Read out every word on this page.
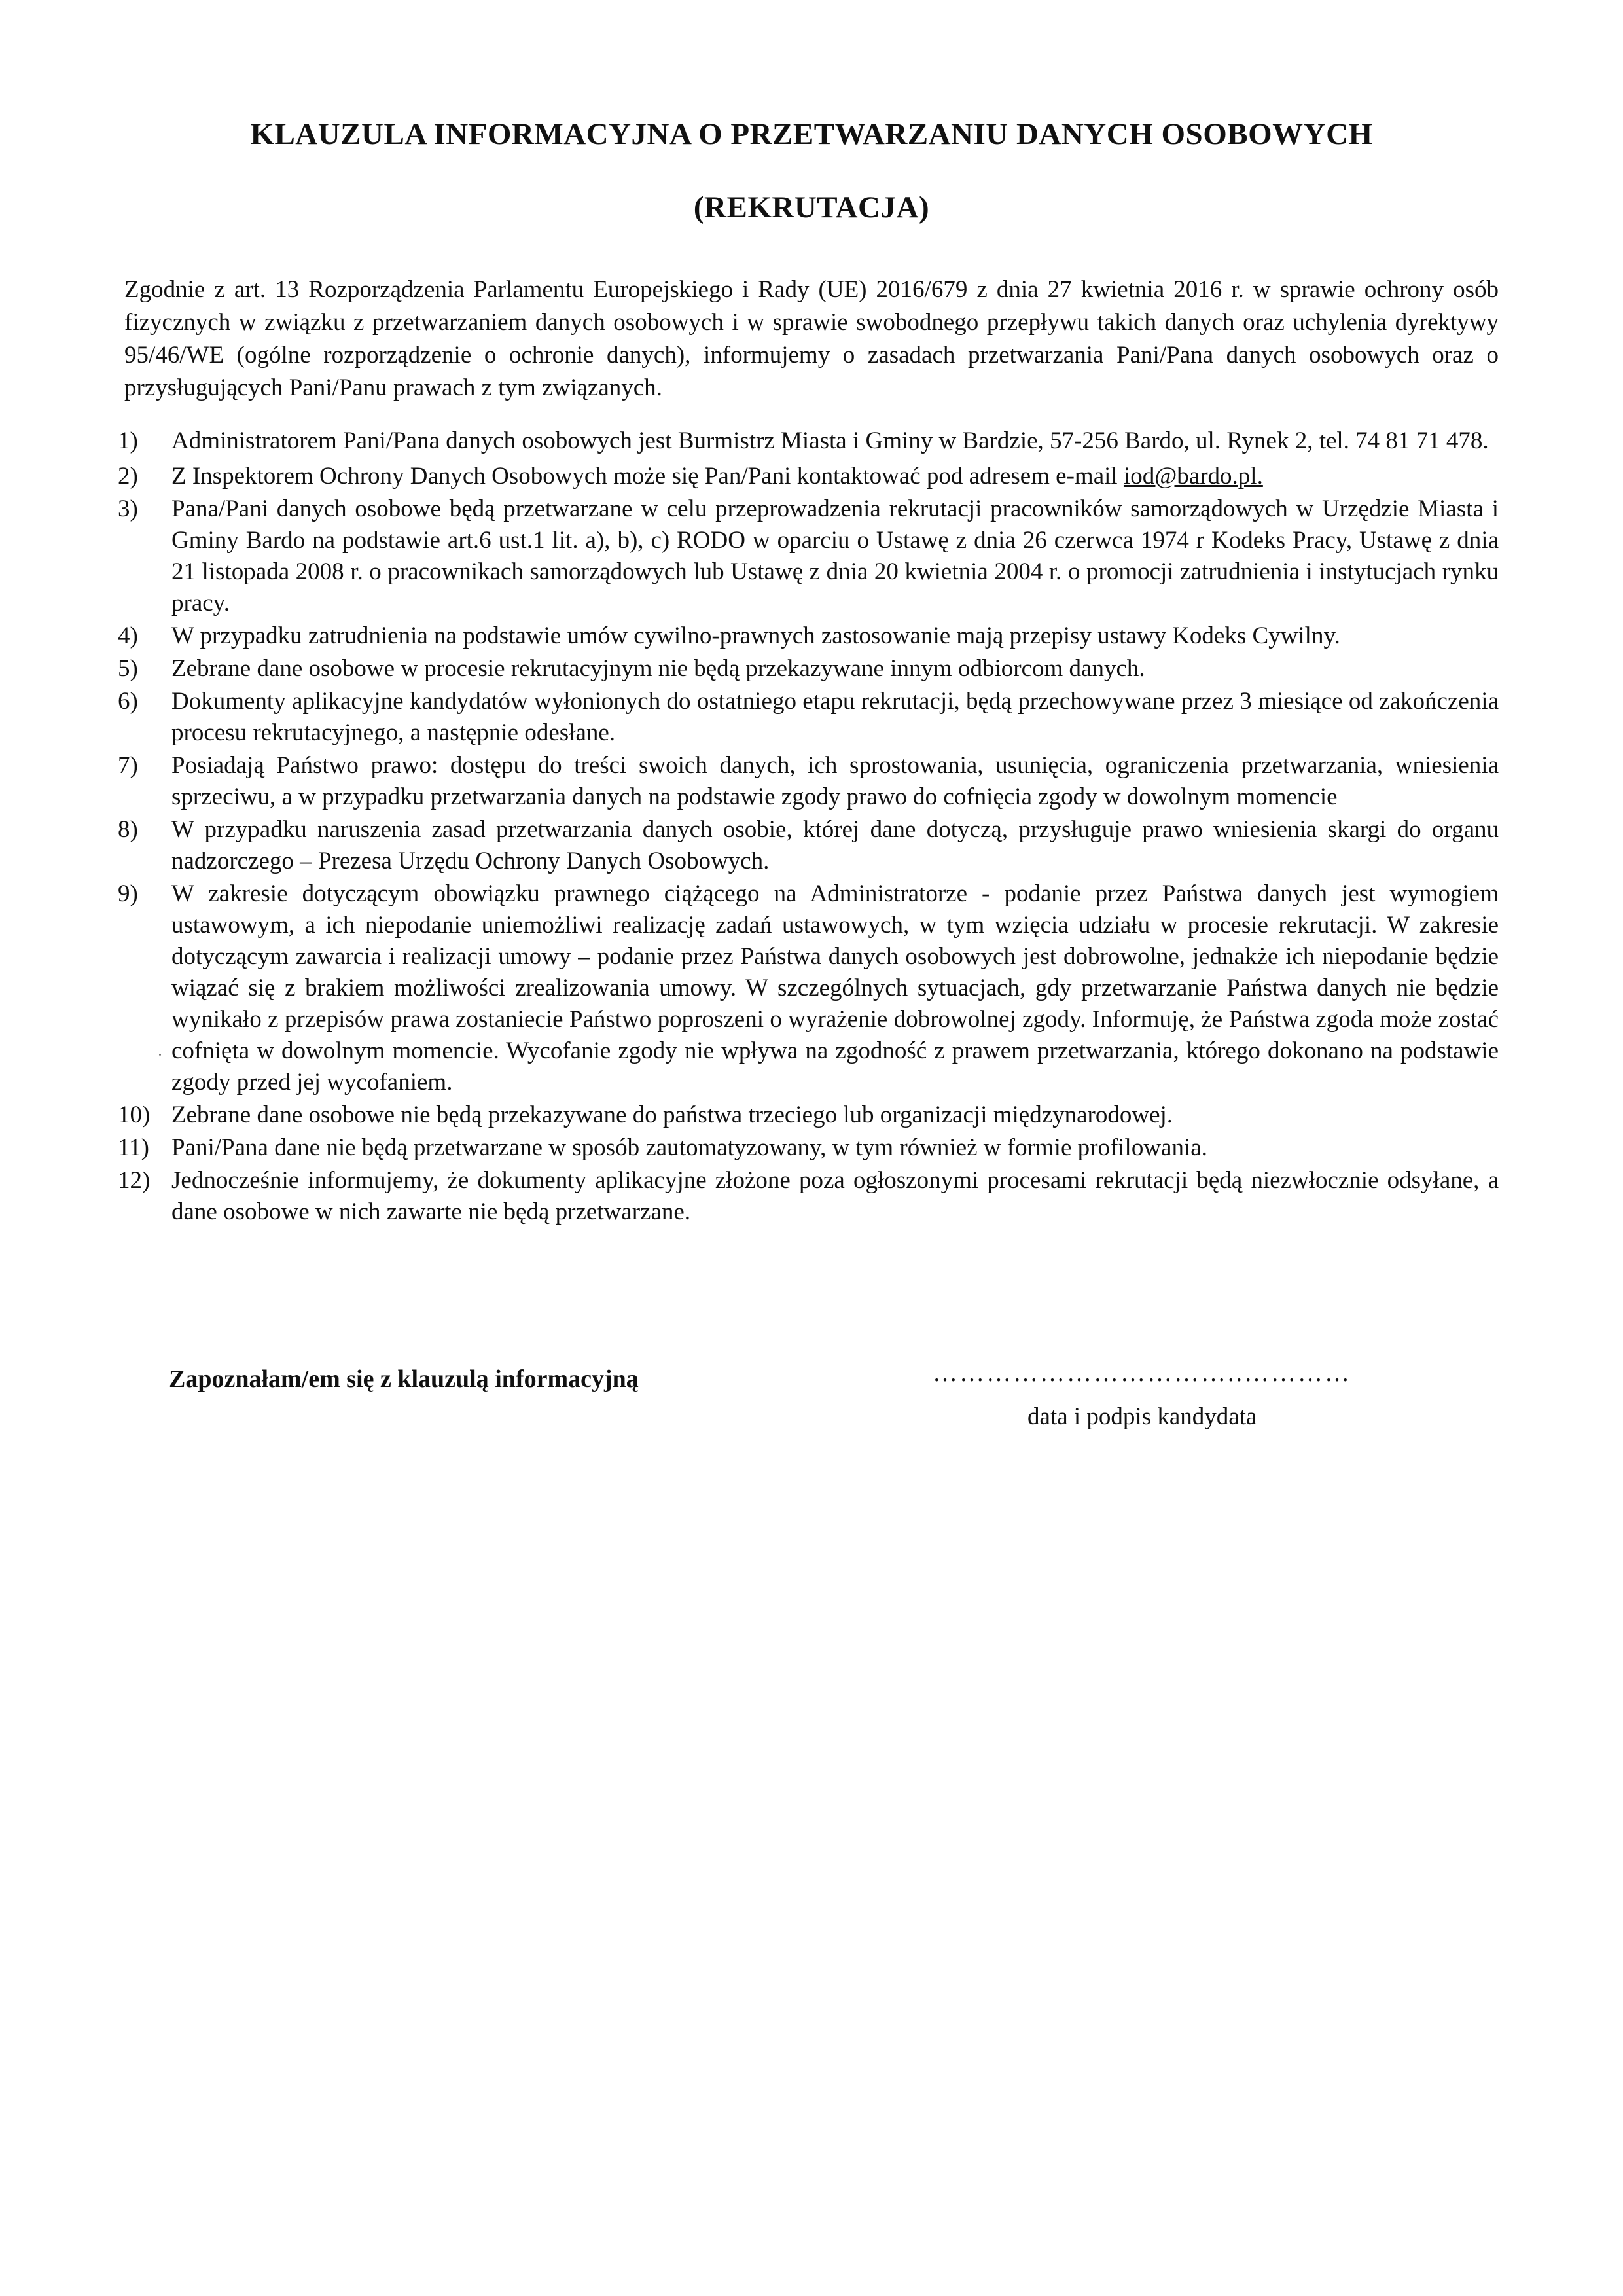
KLAUZULA INFORMACYJNA O PRZETWARZANIU DANYCH OSOBOWYCH
(REKRUTACJA)

Zgodnie z art. 13 Rozporządzenia Parlamentu Europejskiego i Rady (UE) 2016/679 z dnia 27 kwietnia 2016 r. w sprawie ochrony osób fizycznych w związku z przetwarzaniem danych osobowych i w sprawie swobodnego przepływu takich danych oraz uchylenia dyrektywy 95/46/WE (ogólne rozporządzenie o ochronie danych), informujemy o zasadach przetwarzania Pani/Pana danych osobowych oraz o przysługujących Pani/Panu prawach z tym związanych.

1)	Administratorem Pani/Pana danych osobowych jest Burmistrz Miasta i Gminy w Bardzie, 57-256 Bardo, ul. Rynek 2, tel. 74 81 71 478.
2)	Z Inspektorem Ochrony Danych Osobowych może się Pan/Pani kontaktować pod adresem e-mail iod@bardo.pl.
3)	Pana/Pani danych osobowe będą przetwarzane w celu przeprowadzenia rekrutacji pracowników samorządowych w Urzędzie Miasta i Gminy Bardo na podstawie art.6 ust.1 lit. a), b), c) RODO w oparciu o Ustawę z dnia 26 czerwca 1974 r Kodeks Pracy, Ustawę z dnia 21 listopada 2008 r. o pracownikach samorządowych lub Ustawę z dnia 20 kwietnia 2004 r. o promocji zatrudnienia i instytucjach rynku pracy.
4)	W przypadku zatrudnienia na podstawie umów cywilno-prawnych zastosowanie mają przepisy ustawy Kodeks Cywilny.
5)	Zebrane dane osobowe w procesie rekrutacyjnym nie będą przekazywane innym odbiorcom danych.
6)	Dokumenty aplikacyjne kandydatów wyłonionych do ostatniego etapu rekrutacji, będą przechowywane przez 3 miesiące od zakończenia procesu rekrutacyjnego, a następnie odesłane.
7)	Posiadają Państwo prawo: dostępu do treści swoich danych, ich sprostowania, usunięcia, ograniczenia przetwarzania, wniesienia sprzeciwu, a w przypadku przetwarzania danych na podstawie zgody prawo do cofnięcia zgody w dowolnym momencie
8)	W przypadku naruszenia zasad przetwarzania danych osobie, której dane dotyczą, przysługuje prawo wniesienia skargi do organu nadzorczego – Prezesa Urzędu Ochrony Danych Osobowych.
9)	W zakresie dotyczącym obowiązku prawnego ciążącego na Administratorze - podanie przez Państwa danych jest wymogiem ustawowym, a ich niepodanie uniemożliwi realizację zadań ustawowych, w tym wzięcia udziału w procesie rekrutacji. W zakresie dotyczącym zawarcia i realizacji umowy – podanie przez Państwa danych osobowych jest dobrowolne, jednakże ich niepodanie będzie wiązać się z brakiem możliwości zrealizowania umowy. W szczególnych sytuacjach, gdy przetwarzanie Państwa danych nie będzie wynikało z przepisów prawa zostaniecie Państwo poproszeni o wyrażenie dobrowolnej zgody. Informuję, że Państwa zgoda może zostać cofnięta w dowolnym momencie. Wycofanie zgody nie wpływa na zgodność z prawem przetwarzania, którego dokonano na podstawie zgody przed jej wycofaniem.
10) Zebrane dane osobowe nie będą przekazywane do państwa trzeciego lub organizacji międzynarodowej.
11) Pani/Pana dane nie będą przetwarzane w sposób zautomatyzowany, w tym również w formie profilowania.
12) Jednocześnie informujemy, że dokumenty aplikacyjne złożone poza ogłoszonymi procesami rekrutacji będą niezwłocznie odsyłane, a dane osobowe w nich zawarte nie będą przetwarzane.

Zapoznałam/em się z klauzulą informacyjną	……………………………..…………

data i podpis kandydata
